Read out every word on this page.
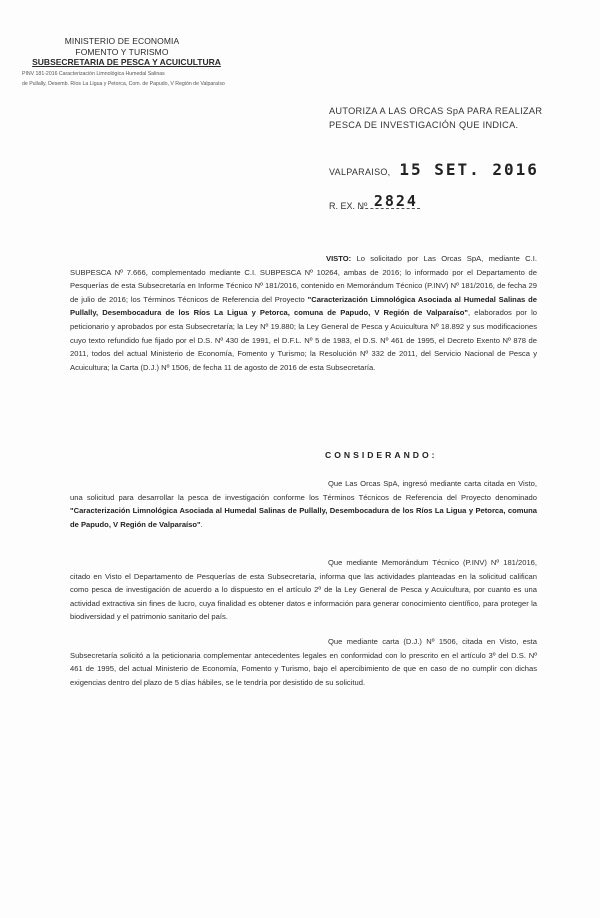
MINISTERIO DE ECONOMIA
FOMENTO Y TURISMO
SUBSECRETARIA DE PESCA Y ACUICULTURA
PINV 181-2016 Caracterización Limnológica Humedal Salinas
de Pullally, Desemb. Ríos La Ligua y Petorca, Com. de Papudo, V Región de Valparaíso
AUTORIZA A LAS ORCAS SpA PARA REALIZAR PESCA DE INVESTIGACIÓN QUE INDICA.
VALPARAISO, 15 SET. 2016
R. EX. Nº 2824
VISTO: Lo solicitado por Las Orcas SpA, mediante C.I. SUBPESCA Nº 7.666, complementado mediante C.I. SUBPESCA Nº 10264, ambas de 2016; lo informado por el Departamento de Pesquerías de esta Subsecretaría en Informe Técnico Nº 181/2016, contenido en Memorándum Técnico (P.INV) Nº 181/2016, de fecha 29 de julio de 2016; los Términos Técnicos de Referencia del Proyecto "Caracterización Limnológica Asociada al Humedal Salinas de Pullally, Desembocadura de los Ríos La Ligua y Petorca, comuna de Papudo, V Región de Valparaíso", elaborados por lo peticionario y aprobados por esta Subsecretaría; la Ley Nº 19.880; la Ley General de Pesca y Acuicultura Nº 18.892 y sus modificaciones cuyo texto refundido fue fijado por el D.S. Nº 430 de 1991, el D.F.L. Nº 5 de 1983, el D.S. Nº 461 de 1995, el Decreto Exento Nº 878 de 2011, todos del actual Ministerio de Economía, Fomento y Turismo; la Resolución Nº 332 de 2011, del Servicio Nacional de Pesca y Acuicultura; la Carta (D.J.) Nº 1506, de fecha 11 de agosto de 2016 de esta Subsecretaría.
CONSIDERANDO:
Que Las Orcas SpA, ingresó mediante carta citada en Visto, una solicitud para desarrollar la pesca de investigación conforme los Términos Técnicos de Referencia del Proyecto denominado "Caracterización Limnológica Asociada al Humedal Salinas de Pullally, Desembocadura de los Ríos La Ligua y Petorca, comuna de Papudo, V Región de Valparaíso".
Que mediante Memorándum Técnico (P.INV) Nº 181/2016, citado en Visto el Departamento de Pesquerías de esta Subsecretaría, informa que las actividades planteadas en la solicitud califican como pesca de investigación de acuerdo a lo dispuesto en el artículo 2º de la Ley General de Pesca y Acuicultura, por cuanto es una actividad extractiva sin fines de lucro, cuya finalidad es obtener datos e información para generar conocimiento científico, para proteger la biodiversidad y el patrimonio sanitario del país.
Que mediante carta (D.J.) Nº 1506, citada en Visto, esta Subsecretaría solicitó a la peticionaria complementar antecedentes legales en conformidad con lo prescrito en el artículo 3º del D.S. Nº 461 de 1995, del actual Ministerio de Economía, Fomento y Turismo, bajo el apercibimiento de que en caso de no cumplir con dichas exigencias dentro del plazo de 5 días hábiles, se le tendría por desistido de su solicitud.
